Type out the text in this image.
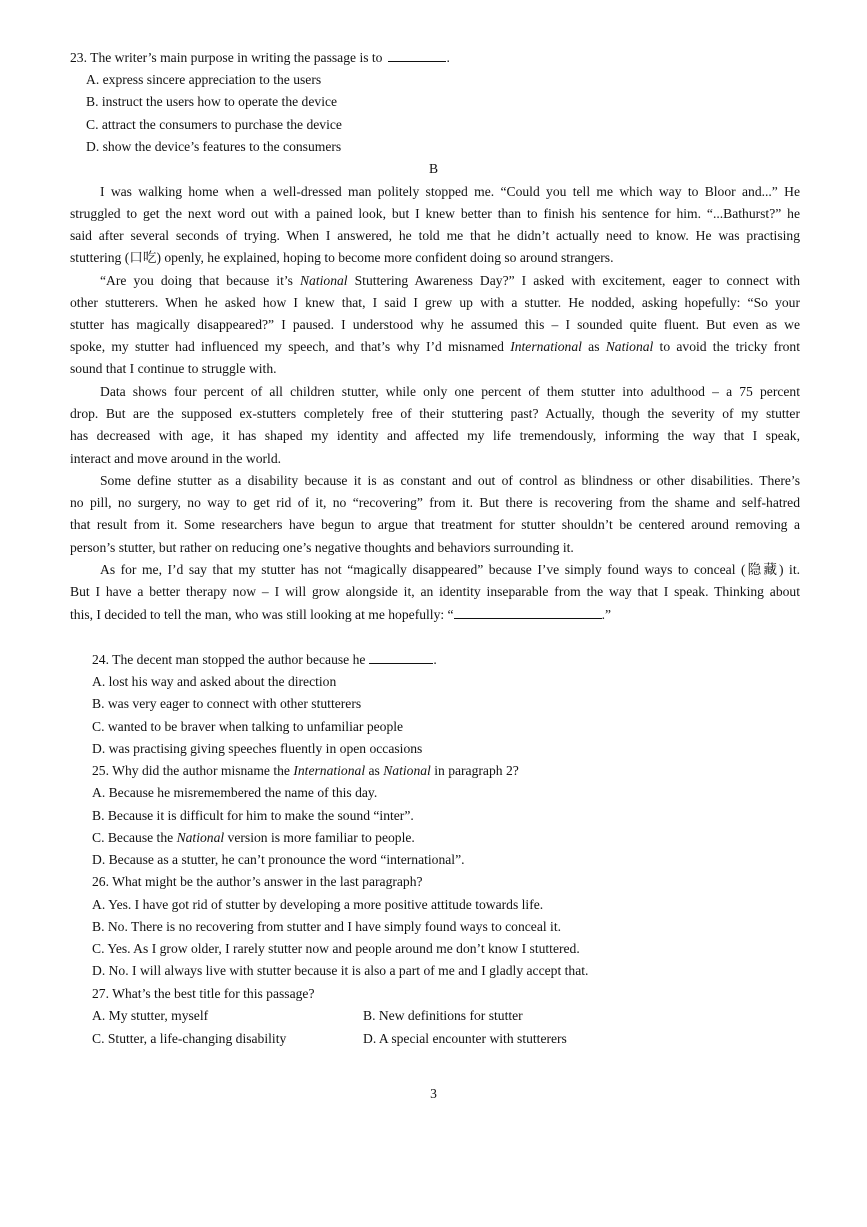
23. The writer’s main purpose in writing the passage is to	.
A. express sincere appreciation to the users
B. instruct the users how to operate the device
C. attract the consumers to purchase the device
D. show the device’s features to the consumers
B
I was walking home when a well-dressed man politely stopped me. “Could you tell me which way to Bloor and...” He
struggled to get the next word out with a pained look, but I knew better than to finish his sentence for him. “...Bathurst?” he
said after several seconds of trying. When I answered, he told me that he didn’t actually need to know. He was practising
stuttering (口吃) openly, he explained, hoping to become more confident doing so around strangers.
“Are you doing that because it’s National Stuttering Awareness Day?” I asked with excitement, eager to connect with
other stutterers. When he asked how I knew that, I said I grew up with a stutter. He nodded, asking hopefully: “So your
stutter has magically disappeared?” I paused. I understood why he assumed this – I sounded quite fluent. But even as we
spoke, my stutter had influenced my speech, and that’s why I’d misnamed International as National to avoid the tricky front
sound that I continue to struggle with.
Data shows four percent of all children stutter, while only one percent of them stutter into adulthood – a 75 percent
drop. But are the supposed ex-stutters completely free of their stuttering past? Actually, though the severity of my stutter
has decreased with age, it has shaped my identity and affected my life tremendously, informing the way that I speak,
interact and move around in the world.
Some define stutter as a disability because it is as constant and out of control as blindness or other disabilities. There’s
no pill, no surgery, no way to get rid of it, no “recovering” from it. But there is recovering from the shame and self-hatred
that result from it. Some researchers have begun to argue that treatment for stutter shouldn’t be centered around removing a
person’s stutter, but rather on reducing one’s negative thoughts and behaviors surrounding it.
As for me, I’d say that my stutter has not “magically disappeared” because I’ve simply found ways to conceal (隐藏) it.
But I have a better therapy now – I will grow alongside it, an identity inseparable from the way that I speak. Thinking about
this, I decided to tell the man, who was still looking at me hopefully: “	.”
24. The decent man stopped the author because he	.
A. lost his way and asked about the direction
B. was very eager to connect with other stutterers
C. wanted to be braver when talking to unfamiliar people
D. was practising giving speeches fluently in open occasions
25. Why did the author misname the International as National in paragraph 2?
A. Because he misremembered the name of this day.
B. Because it is difficult for him to make the sound “inter”.
C. Because the National version is more familiar to people.
D. Because as a stutter, he can’t pronounce the word “international”.
26. What might be the author’s answer in the last paragraph?
A. Yes. I have got rid of stutter by developing a more positive attitude towards life.
B. No. There is no recovering from stutter and I have simply found ways to conceal it.
C. Yes. As I grow older, I rarely stutter now and people around me don’t know I stuttered.
D. No. I will always live with stutter because it is also a part of me and I gladly accept that.
27. What’s the best title for this passage?
A. My stutter, myself	B. New definitions for stutter
C. Stutter, a life-changing disability	D. A special encounter with stutterers
3
